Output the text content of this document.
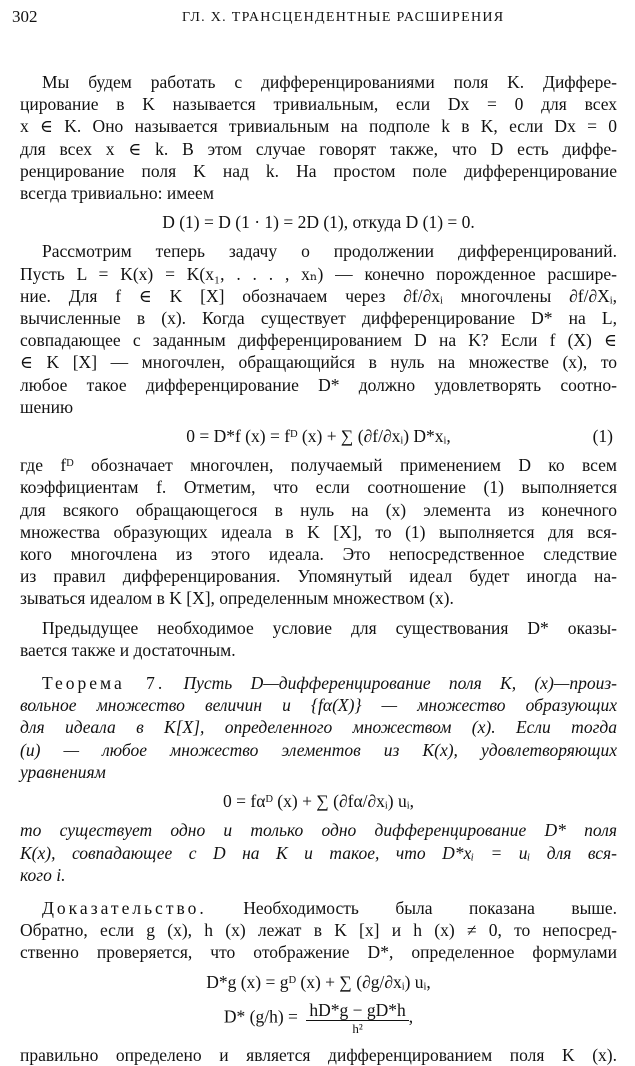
302	ГЛ. X. ТРАНСЦЕНДЕНТНЫЕ РАСШИРЕНИЯ

Мы будем работать с дифференцированиями поля K. Диффере-

цирование в K называется тривиальным, если Dx = 0 для всех

x ∈ K. Оно называется тривиальным на подполе k в K, если Dx = 0

для всех x ∈ k. В этом случае говорят также, что D есть диффе-

ренцирование поля K над k. На простом поле дифференцирование

всегда тривиально: имеем

D (1) = D (1 · 1) = 2D (1), откуда D (1) = 0.

Рассмотрим теперь задачу о продолжении дифференцирований.

Пусть L = K(x) = K(x₁, . . . , xₙ) — конечно порожденное расшире-

ние. Для f ∈ K [X] обозначаем через ∂f/∂xᵢ многочлены ∂f/∂Xᵢ,

вычисленные в (x). Когда существует дифференцирование D* на L,

совпадающее с заданным дифференцированием D на K? Если f (X) ∈

∈ K [X] — многочлен, обращающийся в нуль на множестве (x), то

любое такое дифференцирование D* должно удовлетворять соотно-

шению

0 = D*f (x) = fᴰ (x) + ∑ (∂f/∂xᵢ) D*xᵢ,	(1)

где fᴰ обозначает многочлен, получаемый применением D ко всем

коэффициентам f. Отметим, что если соотношение (1) выполняется

для всякого обращающегося в нуль на (x) элемента из конечного

множества образующих идеала в K [X], то (1) выполняется для вся-

кого многочлена из этого идеала. Это непосредственное следствие

из правил дифференцирования. Упомянутый идеал будет иногда на-

зываться идеалом в K [X], определенным множеством (x).

Предыдущее необходимое условие для существования D* оказы-

вается также и достаточным.

Теорема 7. Пусть D—дифференцирование поля K, (x)—произ-

вольное множество величин и {fα(X)} — множество образующих

для идеала в K[X], определенного множеством (x). Если тогда

(u) — любое множество элементов из K(x), удовлетворяющих

уравнениям

0 = fαᴰ (x) + ∑ (∂fα/∂xᵢ) uᵢ,

то существует одно и только одно дифференцирование D* поля

K(x), совпадающее с D на K и такое, что D*xᵢ = uᵢ для вся-

кого i.

Доказательство. Необходимость была показана выше.

Обратно, если g (x), h (x) лежат в K [x] и h (x) ≠ 0, то непосред-

ственно проверяется, что отображение D*, определенное формулами

D*g (x) = gᴰ (x) + ∑ (∂g/∂xᵢ) uᵢ,
D* (g/h) = hD*g − gD*h
h²
,

правильно определено и является дифференцированием поля K (x).
